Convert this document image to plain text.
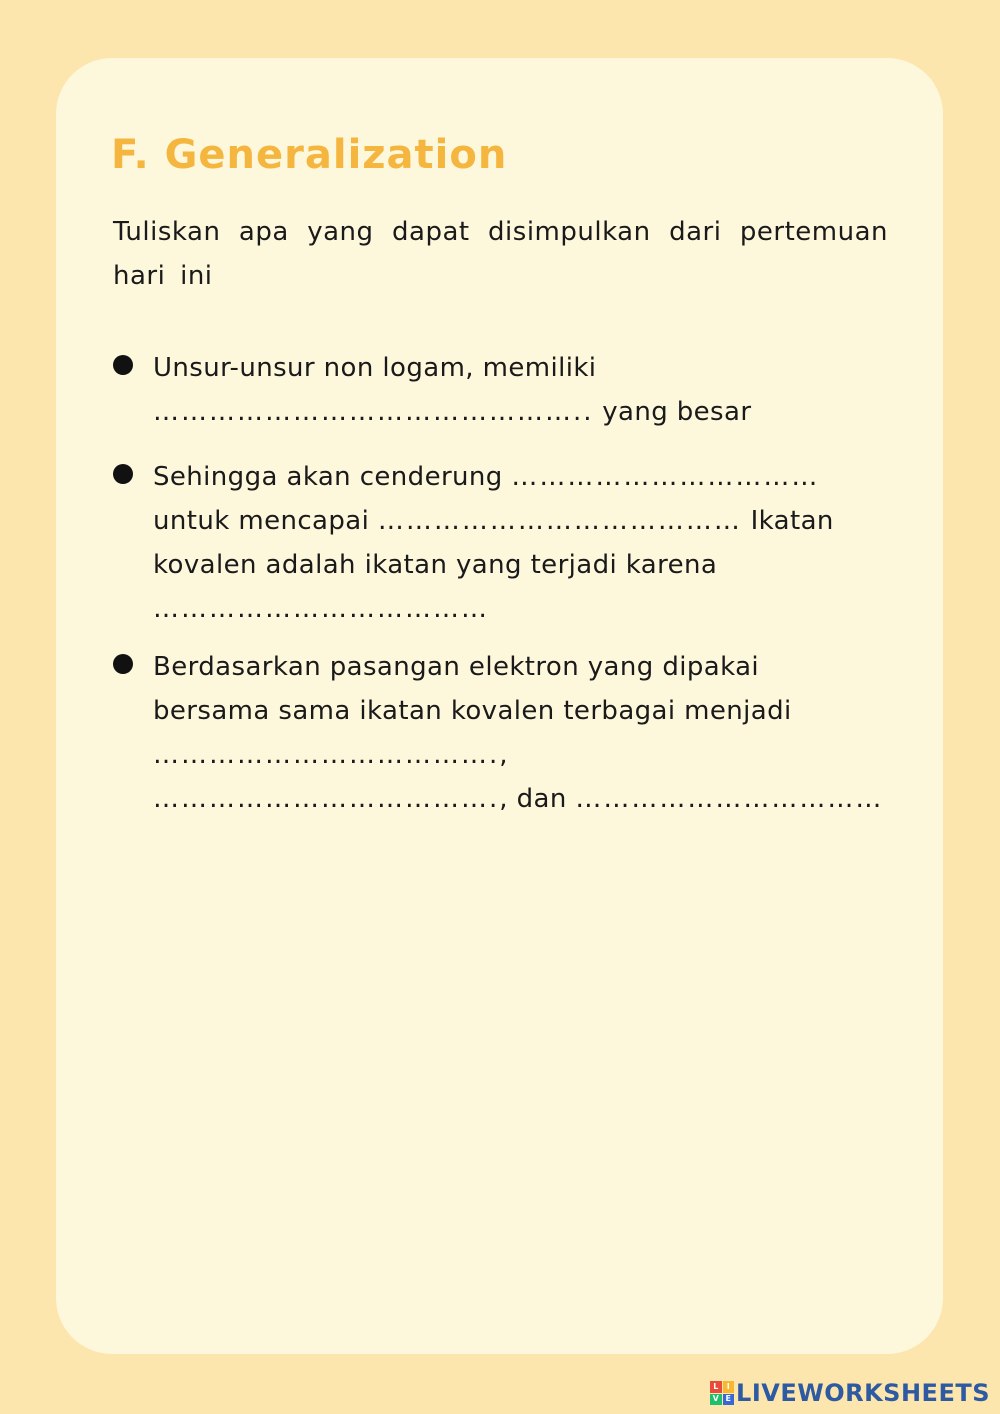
F. Generalization

Tuliskan apa yang dapat disimpulkan dari pertemuan hari ini

Unsur-unsur non logam, memiliki
……………………………………….. yang besar
Sehingga akan cenderung ……………………………
untuk mencapai ………………………………… Ikatan
kovalen adalah ikatan yang terjadi karena
………………………………
Berdasarkan pasangan elektron yang dipakai
bersama sama ikatan kovalen terbagai menjadi
……………………………….,
………………………………., dan ……………………………
L	I
V E LIVEWORKSHEETS
